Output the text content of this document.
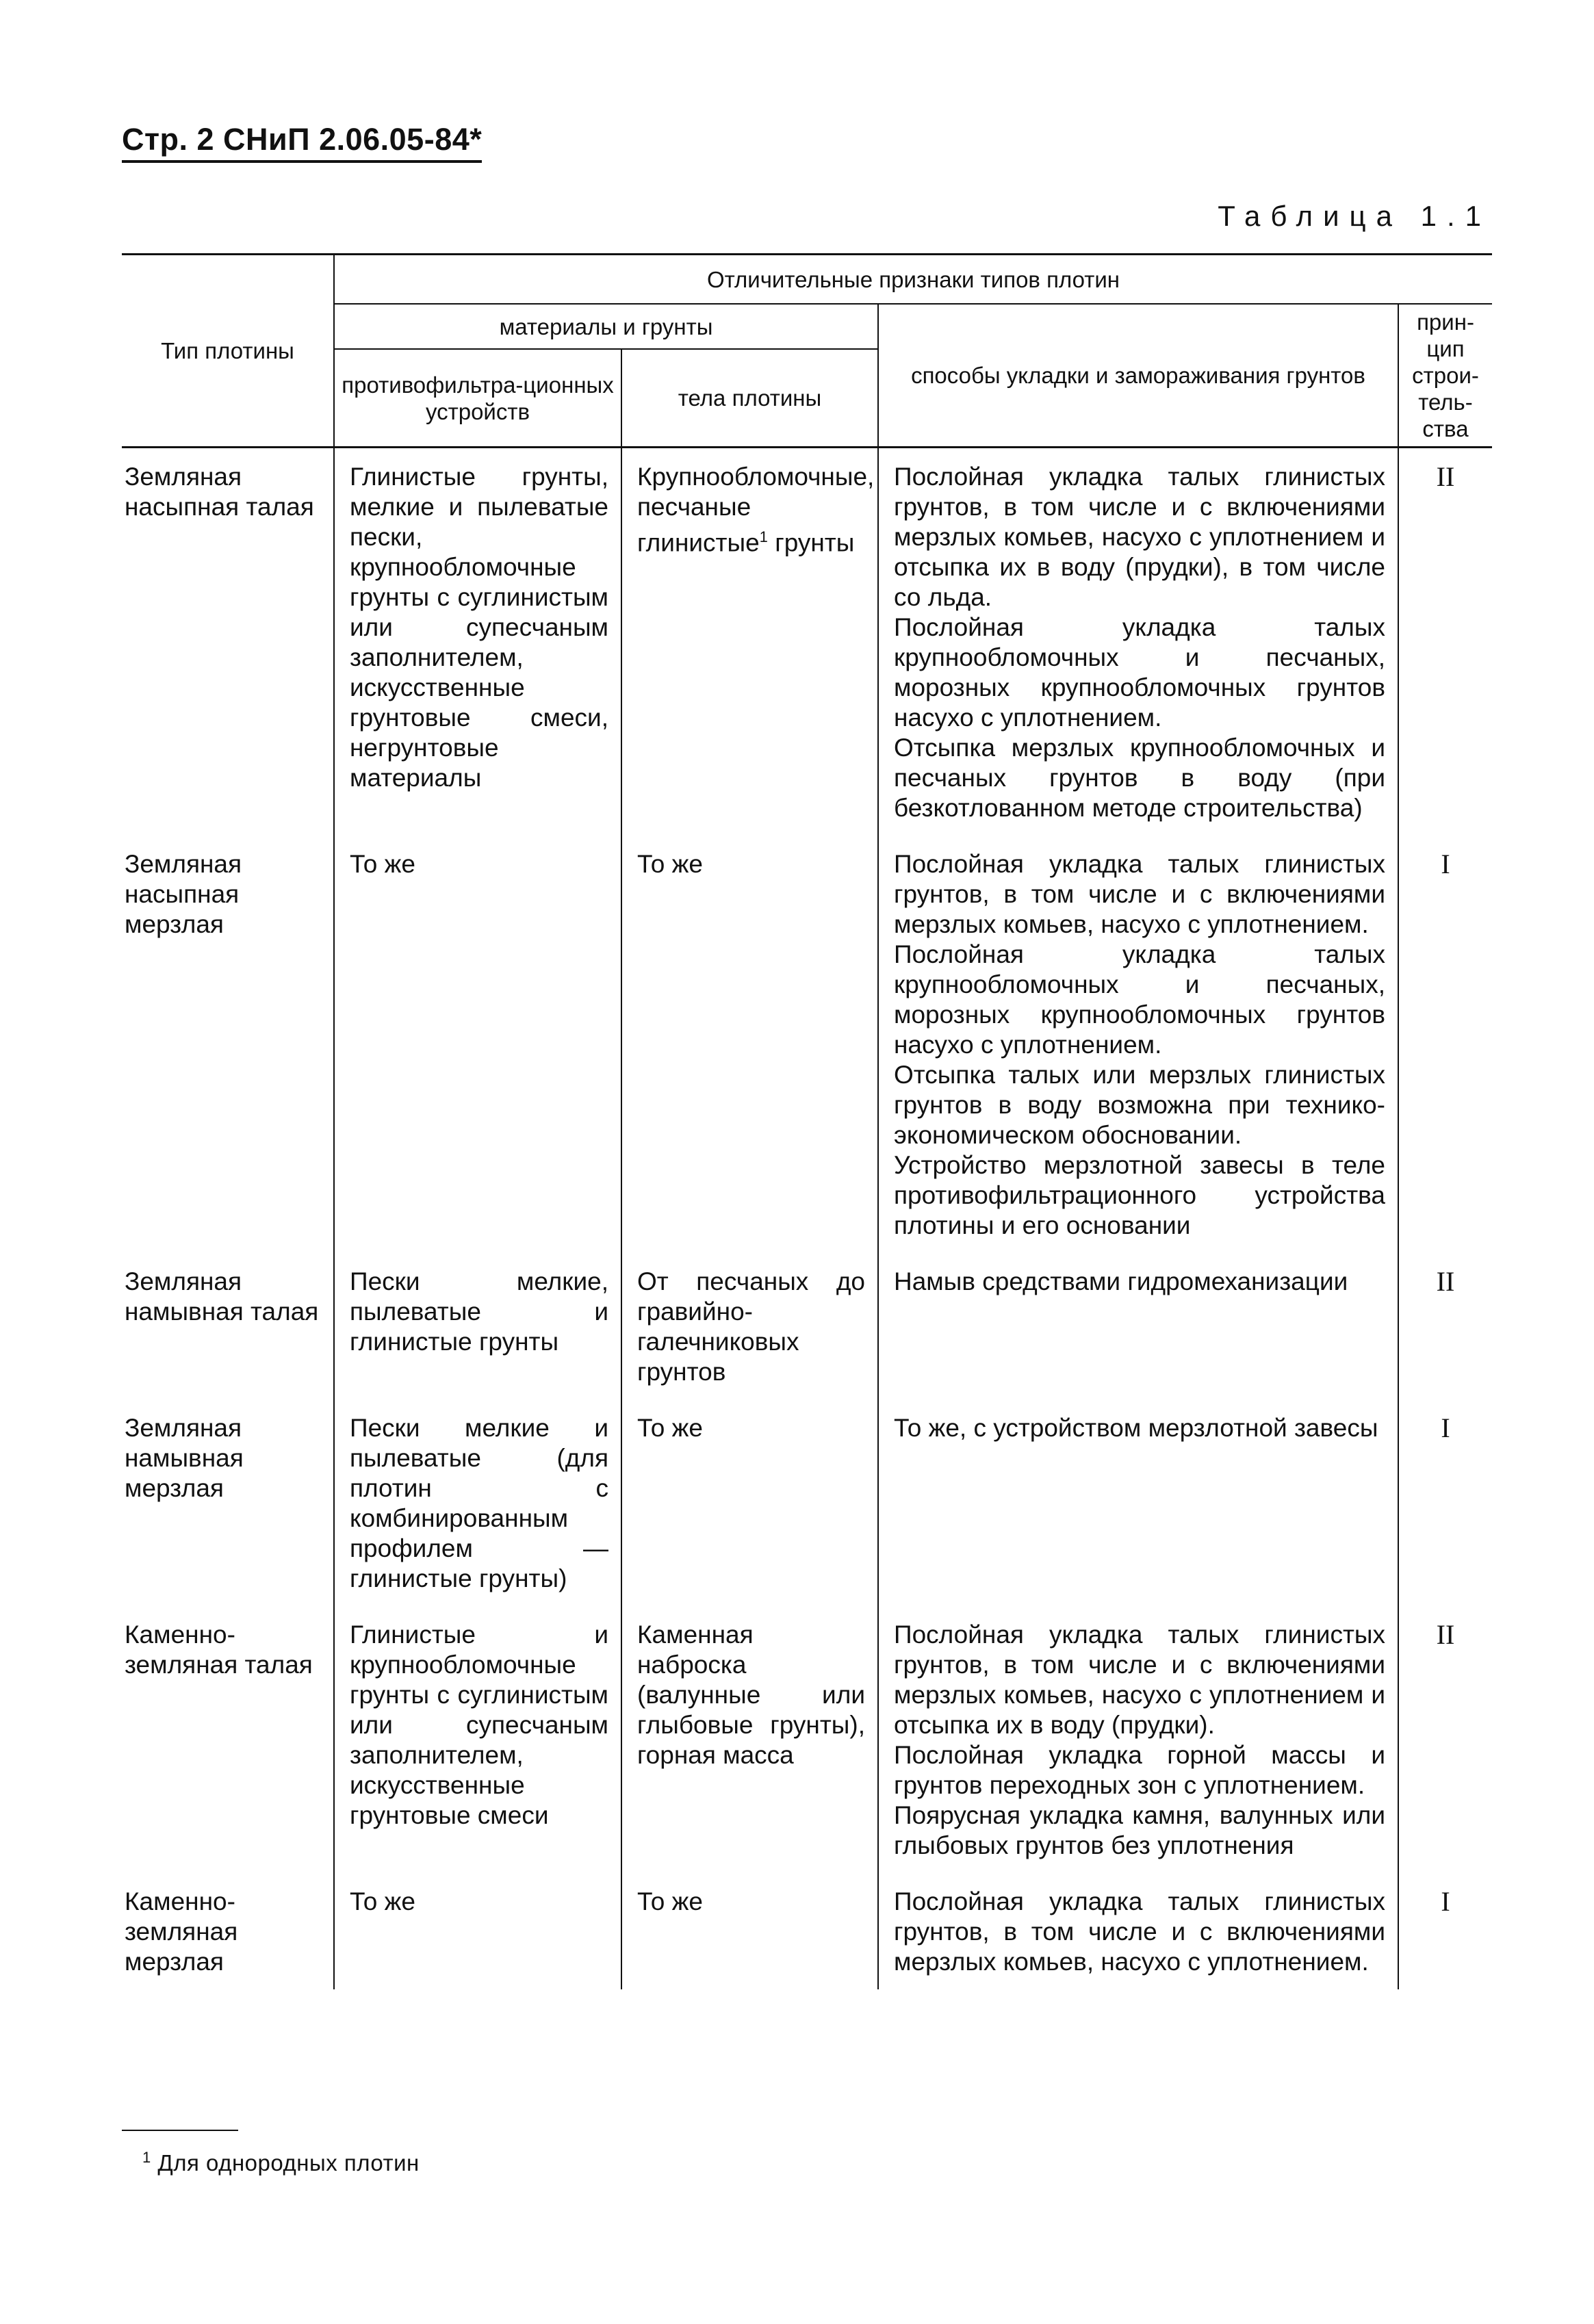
Стр. 2 СНиП 2.06.05-84*
Таблица 1.1
Тип плотины	Отличительные признаки типов плотин			
	материалы и грунты		способы укладки и замораживания грунтов	прин-цип строи-тель-ства
	противофильтра-ционных устройств	тела плотины		
Земляная насыпная талая	Глинистые грунты, мелкие и пылеватые пески, крупнообломочные грунты с суглинистым или супесчаным заполнителем, искусственные грунтовые смеси, негрунтовые материалы	Крупнообломочные, песчаные глинистые$^1$ грунты	Послойная укладка талых глинистых грунтов, в том числе и с включениями мерзлых комьев, насухо с уплотнением и отсыпка их в воду (прудки), в том числе со льда.
Послойная укладка талых крупнообломочных и песчаных, морозных крупнообломочных грунтов насухо с уплотнением.
Отсыпка мерзлых крупнообломочных и песчаных грунтов в воду (при безкотлованном методе строительства)	II
Земляная насыпная мерзлая	То же	То же	Послойная укладка талых глинистых грунтов, в том числе и с включениями мерзлых комьев, насухо с уплотнением.
Послойная укладка талых крупнообломочных и песчаных, морозных крупнообломочных грунтов насухо с уплотнением.
Отсыпка талых или мерзлых глинистых грунтов в воду возможна при технико-экономическом обосновании.
Устройство мерзлотной завесы в теле противофильтрационного устройства плотины и его основании	I
Земляная намывная талая	Пески мелкие, пылеватые и глинистые грунты	От песчаных до гравийно-галечниковых грунтов	Намыв средствами гидромеханизации	II
Земляная намывная мерзлая	Пески мелкие и пылеватые (для плотин с комбинированным профилем — глинистые грунты)	То же	То же, с устройством мерзлотной завесы	I
Каменно-земляная талая	Глинистые и крупнообломочные грунты с суглинистым или супесчаным заполнителем, искусственные грунтовые смеси	Каменная наброска (валунные или глыбовые грунты), горная масса	Послойная укладка талых глинистых грунтов, в том числе и с включениями мерзлых комьев, насухо с уплотнением и отсыпка их в воду (прудки).
Послойная укладка горной массы и грунтов переходных зон с уплотнением.
Поярусная укладка камня, валунных или глыбовых грунтов без уплотнения	II
Каменно-земляная мерзлая	То же	То же	Послойная укладка талых глинистых грунтов, в том числе и с включениями мерзлых комьев, насухо с уплотнением.	I
$^1$ Для однородных плотин
